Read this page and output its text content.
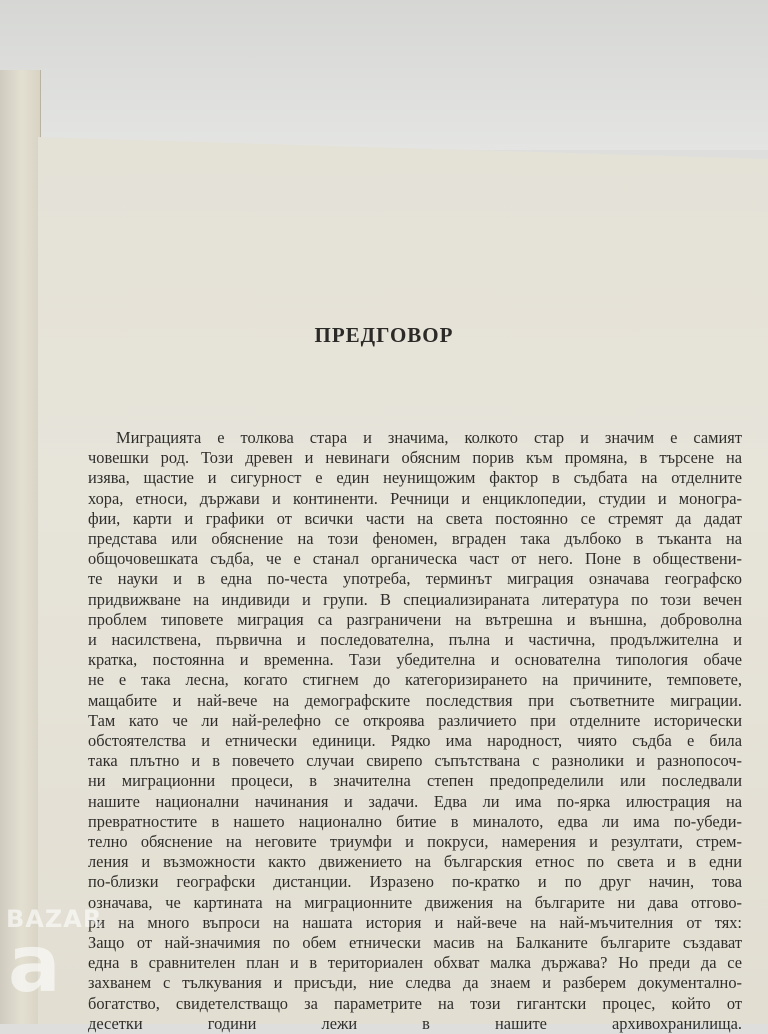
ПРЕДГОВОР
Миграцията е толкова стара и значима, колкото стар и значим е самият
човешки род. Този древен и невинаги обясним порив към промяна, в търсене на
изява, щастие и сигурност е един неунищожим фактор в съдбата на отделните
хора, етноси, държави и континенти. Речници и енциклопедии, студии и моногра-
фии, карти и графики от всички части на света постоянно се стремят да дадат
представа или обяснение на този феномен, вграден така дълбоко в тъканта на
общочовешката съдба, че е станал органическа част от него. Поне в обществени-
те науки и в една по-честа употреба, терминът миграция означава географско
придвижване на индивиди и групи. В специализираната литература по този вечен
проблем типовете миграция са разграничени на вътрешна и външна, доброволна
и насилствена, първична и последователна, пълна и частична, продължителна и
кратка, постоянна и временна. Тази убедителна и основателна типология обаче
не е така лесна, когато стигнем до категоризирането на причините, темповете,
мащабите и най-вече на демографските последствия при съответните миграции.
Там като че ли най-релефно се откроява различието при отделните исторически
обстоятелства и етнически единици. Рядко има народност, чиято съдба е била
така плътно и в повечето случаи свирепо съпътствана с разнолики и разнопосоч-
ни миграционни процеси, в значителна степен предопределили или последвали
нашите национални начинания и задачи. Едва ли има по-ярка илюстрация на
превратностите в нашето национално битие в миналото, едва ли има по-убеди-
телно обяснение на неговите триумфи и покруси, намерения и резултати, стрем-
ления и възможности както движението на българския етнос по света и в едни
по-близки географски дистанции. Изразено по-кратко и по друг начин, това
означава, че картината на миграционните движения на българите ни дава отгово-
ри на много въпроси на нашата история и най-вече на най-мъчителния от тях:
Защо от най-значимия по обем етнически масив на Балканите българите създават
една в сравнителен план и в териториален обхват малка държава? Но преди да се
захванем с тълкувания и присъди, ние следва да знаем и разберем документално-
богатство, свидетелстващо за параметрите на този гигантски процес, който от
десетки години лежи в нашите архивохранилища.
BAZAR
a
